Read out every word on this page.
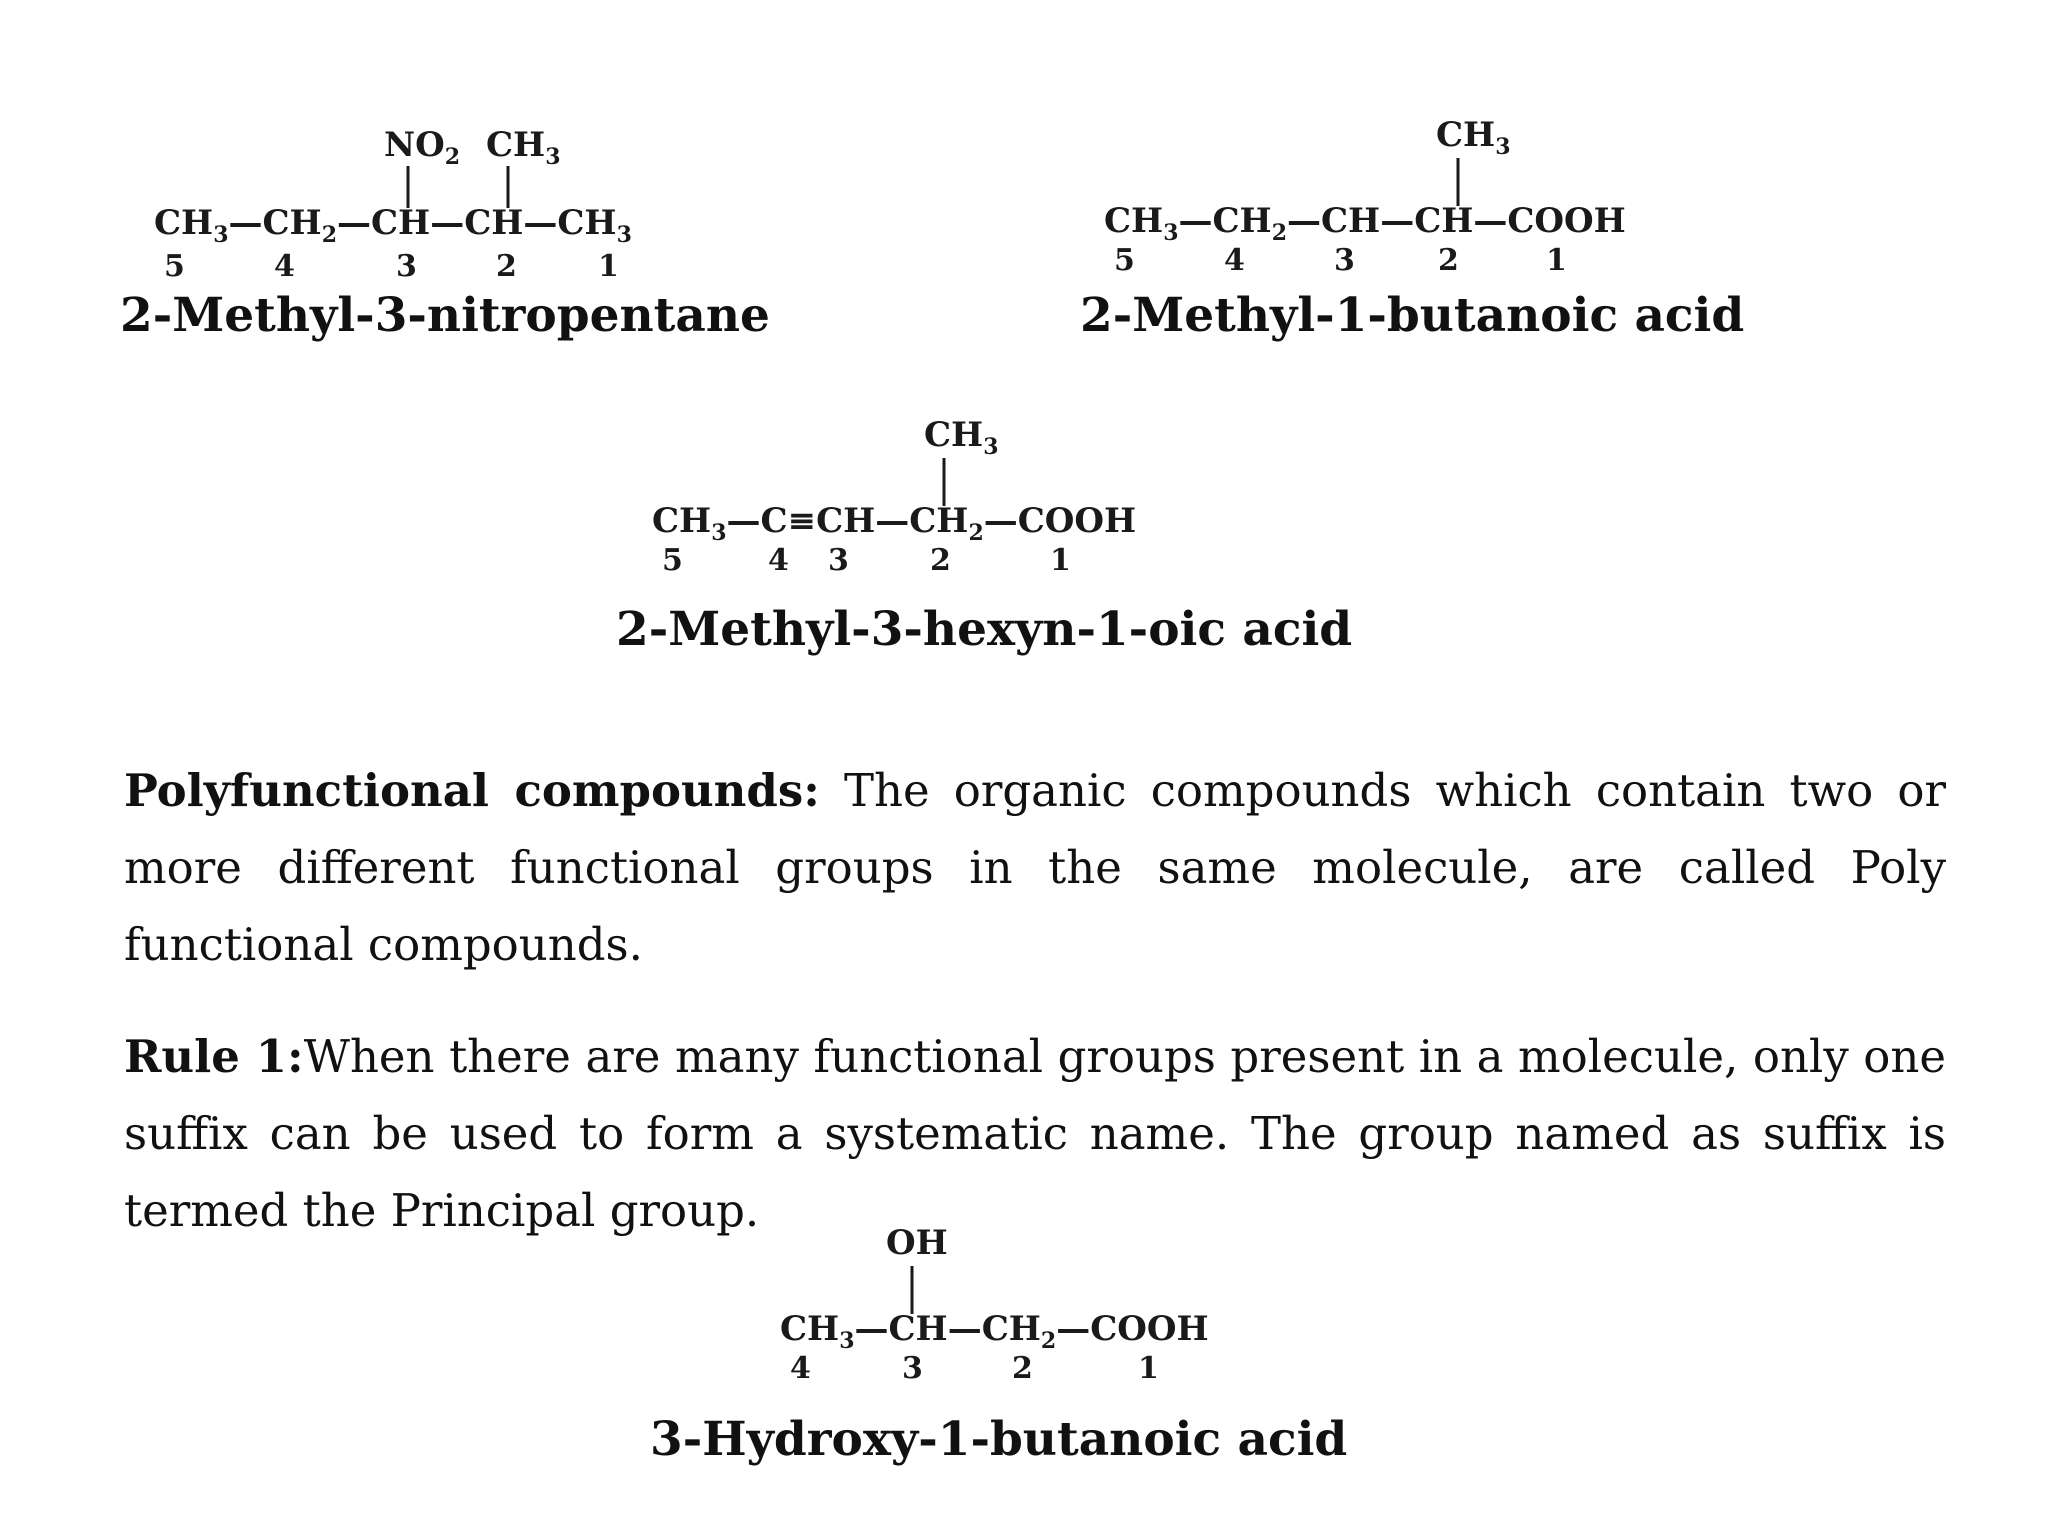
NO2 CH3
CH3—CH2—CH—CH—CH3
5	4	3	2	1
2-Methyl-3-nitropentane
CH3
CH3—CH2—CH—CH—COOH
5	4	3	2	1
2-Methyl-1-butanoic acid
CH3
CH3—C≡CH—CH2—COOH
5	4 3	2	1
2-Methyl-3-hexyn-1-oic acid
Polyfunctional compounds: The organic compounds which contain two or more different functional groups in the same molecule, are called Poly functional compounds.
Rule 1:When there are many functional groups present in a molecule, only one suffix can be used to form a systematic name. The group named as suffix is termed the Principal group.
OH
CH3—CH—CH2—COOH
4	3	2	1
3-Hydroxy-1-butanoic acid
